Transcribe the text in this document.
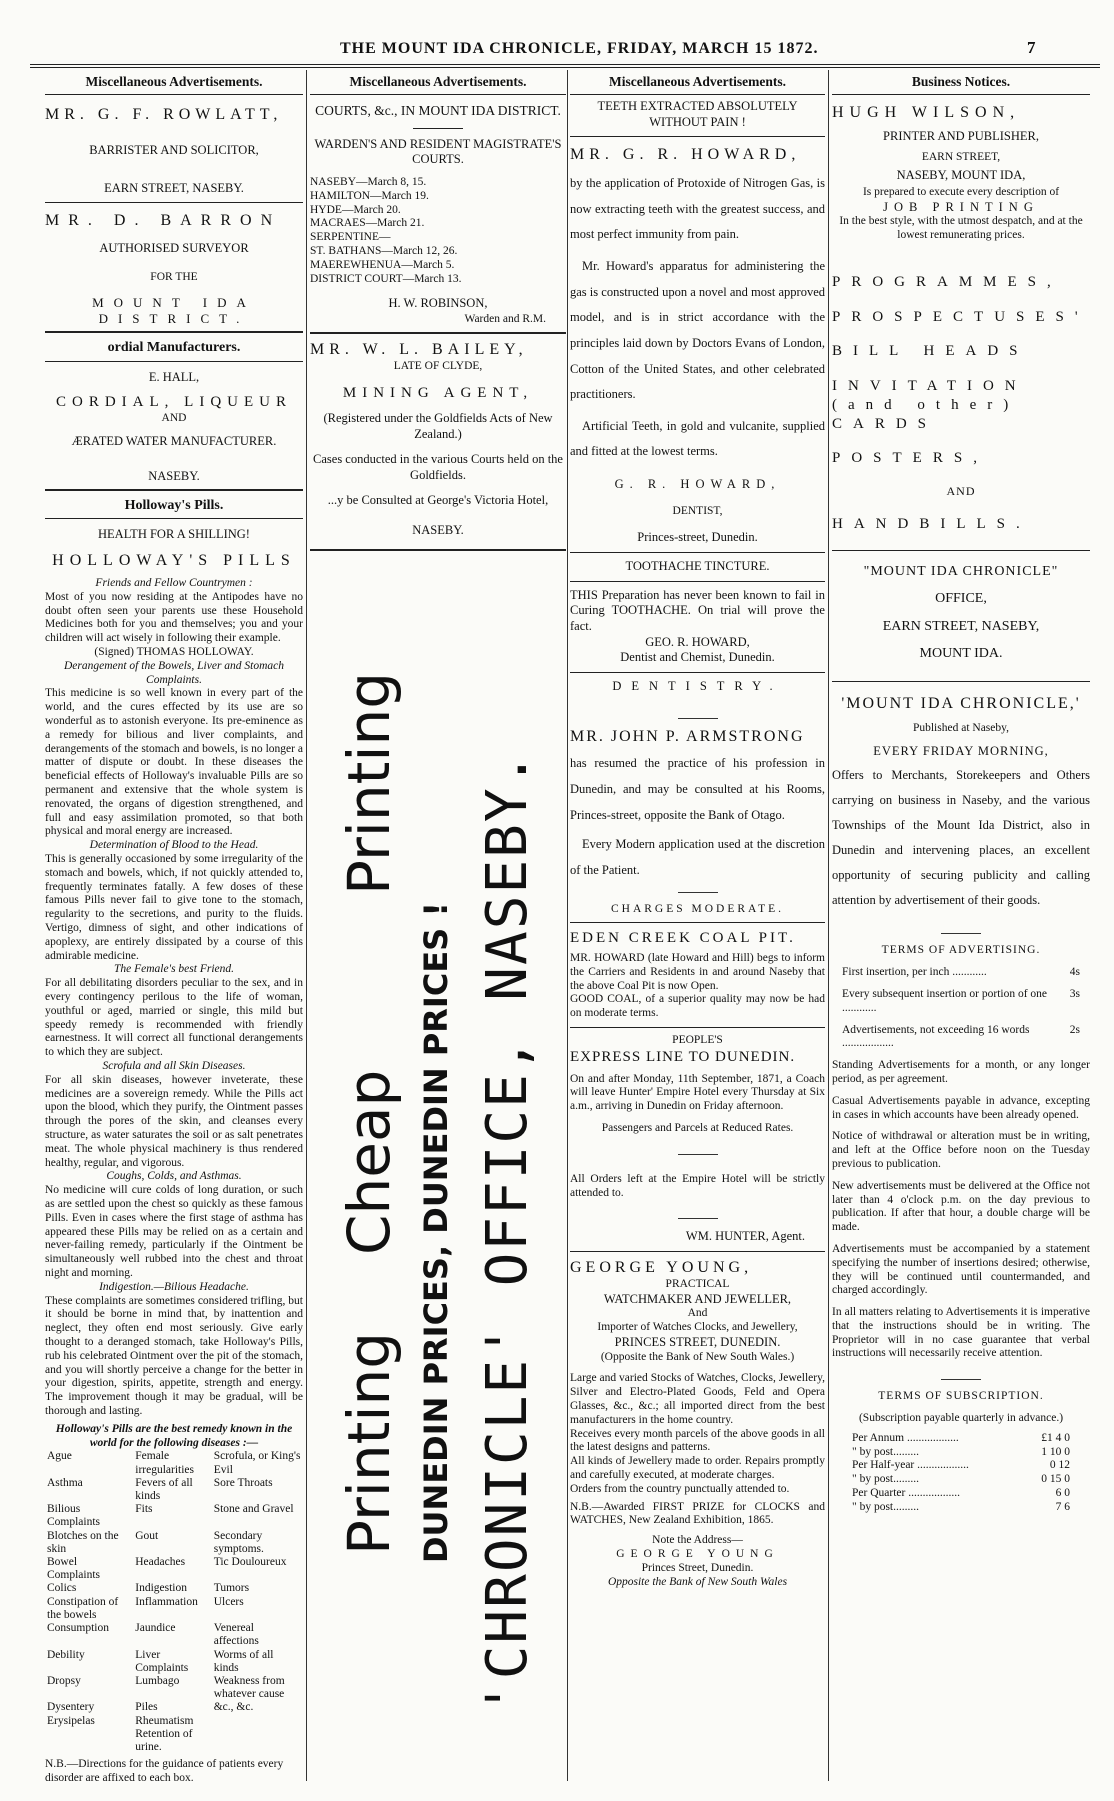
THE MOUNT IDA CHRONICLE, FRIDAY, MARCH 15 1872.	7
Miscellaneous Advertisements.
MR. G. F. ROWLATT,
BARRISTER AND SOLICITOR,
EARN STREET, NASEBY.
MR. D. BARRON
AUTHORISED SURVEYOR
FOR THE
MOUNT IDA DISTRICT.
ordial Manufacturers.
E. HALL,
CORDIAL, LIQUEUR
AND
ÆRATED WATER MANUFACTURER.
NASEBY.
Holloway's Pills.
HEALTH FOR A SHILLING!
HOLLOWAY'S PILLS
Friends and Fellow Countrymen :

Most of you now residing at the Antipodes have no doubt often seen your parents use these Household Medicines both for you and themselves; you and your children will act wisely in following their example.

(Signed) THOMAS HOLLOWAY.
Derangement of the Bowels, Liver and Stomach Complaints.

This medicine is so well known in every part of the world, and the cures effected by its use are so wonderful as to astonish everyone. Its pre-eminence as a remedy for bilious and liver complaints, and derangements of the stomach and bowels, is no longer a matter of dispute or doubt. In these diseases the beneficial effects of Holloway's invaluable Pills are so permanent and extensive that the whole system is renovated, the organs of digestion strengthened, and full and easy assimilation promoted, so that both physical and moral energy are increased.

Determination of Blood to the Head.

This is generally occasioned by some irregularity of the stomach and bowels, which, if not quickly attended to, frequently terminates fatally. A few doses of these famous Pills never fail to give tone to the stomach, regularity to the secretions, and purity to the fluids. Vertigo, dimness of sight, and other indications of apoplexy, are entirely dissipated by a course of this admirable medicine.

The Female's best Friend.

For all debilitating disorders peculiar to the sex, and in every contingency perilous to the life of woman, youthful or aged, married or single, this mild but speedy remedy is recommended with friendly earnestness. It will correct all functional derangements to which they are subject.

Scrofula and all Skin Diseases.

For all skin diseases, however inveterate, these medicines are a sovereign remedy. While the Pills act upon the blood, which they purify, the Ointment passes through the pores of the skin, and cleanses every structure, as water saturates the soil or as salt penetrates meat. The whole physical machinery is thus rendered healthy, regular, and vigorous.

Coughs, Colds, and Asthmas.

No medicine will cure colds of long duration, or such as are settled upon the chest so quickly as these famous Pills. Even in cases where the first stage of asthma has appeared these Pills may be relied on as a certain and never-failing remedy, particularly if the Ointment be simultaneously well rubbed into the chest and throat night and morning.

Indigestion.—Bilious Headache.

These complaints are sometimes considered trifling, but it should be borne in mind that, by inattention and neglect, they often end most seriously. Give early thought to a deranged stomach, take Holloway's Pills, rub his celebrated Ointment over the pit of the stomach, and you will shortly perceive a change for the better in your digestion, spirits, appetite, strength and energy. The improvement though it may be gradual, will be thorough and lasting.

Holloway's Pills are the best remedy known in the world for the following diseases :—
Ague	Female irregularities	Scrofula, or King's Evil
Asthma	Fevers of all kinds	Sore Throats
Bilious Complaints	Fits	Stone and Gravel
Blotches on the skin	Gout	Secondary symptoms.
Bowel Complaints	Headaches	Tic Douloureux
Colics	Indigestion	Tumors
Constipation of the bowels	Inflammation	Ulcers
Consumption	Jaundice	Venereal affections
Debility	Liver Complaints	Worms of all kinds
Dropsy	Lumbago	Weakness from whatever cause
Dysentery	Piles	&c., &c.
Erysipelas	Rheumatism	
	Retention of urine.	

N.B.—Directions for the guidance of patients every disorder are affixed to each box.

Miscellaneous Advertisements.
COURTS, &c., IN MOUNT IDA DISTRICT.
WARDEN'S AND RESIDENT MAGISTRATE'S COURTS.
NASEBY—March 8, 15.
HAMILTON—March 19.
HYDE—March 20.
MACRAES—March 21.
SERPENTINE—
ST. BATHANS—March 12, 26.
MAEREWHENUA—March 5.
DISTRICT COURT—March 13.
H. W. ROBINSON,
Warden and R.M.
MR. W. L. BAILEY,
LATE OF CLYDE,
MINING AGENT,
(Registered under the Goldfields Acts of New Zealand.)
Cases conducted in the various Courts held on the Goldfields.
...y be Consulted at George's Victoria Hotel,
NASEBY.
Printing
Cheap
Printing
DUNEDIN PRICES, DUNEDIN PRICES ! 'CHRONICLE' OFFICE, NASEBY.
Miscellaneous Advertisements.
TEETH EXTRACTED ABSOLUTELY WITHOUT PAIN !
MR. G. R. HOWARD,

by the application of Protoxide of Nitrogen Gas, is now extracting teeth with the greatest success, and most perfect immunity from pain.

Mr. Howard's apparatus for administering the gas is constructed upon a novel and most approved model, and is in strict accordance with the principles laid down by Doctors Evans of London, Cotton of the United States, and other celebrated practitioners.

Artificial Teeth, in gold and vulcanite, supplied and fitted at the lowest terms.

G. R. HOWARD,
DENTIST,
Princes-street, Dunedin.
TOOTHACHE TINCTURE.

THIS Preparation has never been known to fail in Curing TOOTHACHE. On trial will prove the fact.

GEO. R. HOWARD,
Dentist and Chemist, Dunedin.
DENTISTRY.
MR. JOHN P. ARMSTRONG

has resumed the practice of his profession in Dunedin, and may be consulted at his Rooms, Princes-street, opposite the Bank of Otago.

Every Modern application used at the discretion of the Patient.

CHARGES MODERATE.
EDEN CREEK COAL PIT.

MR. HOWARD (late Howard and Hill) begs to inform the Carriers and Residents in and around Naseby that the above Coal Pit is now Open.

GOOD COAL, of a superior quality may now be had on moderate terms.

PEOPLE'S
EXPRESS LINE TO DUNEDIN.

On and after Monday, 11th September, 1871, a Coach will leave Hunter' Empire Hotel every Thursday at Six a.m., arriving in Dunedin on Friday afternoon.

Passengers and Parcels at Reduced Rates.

All Orders left at the Empire Hotel will be strictly attended to.

WM. HUNTER, Agent.
GEORGE YOUNG,
PRACTICAL
WATCHMAKER AND JEWELLER,
And
Importer of Watches Clocks, and Jewellery,
PRINCES STREET, DUNEDIN.
(Opposite the Bank of New South Wales.)

Large and varied Stocks of Watches, Clocks, Jewellery, Silver and Electro-Plated Goods, Feld and Opera Glasses, &c., &c.; all imported direct from the best manufacturers in the home country.

Receives every month parcels of the above goods in all the latest designs and patterns.

All kinds of Jewellery made to order. Repairs promptly and carefully executed, at moderate charges.

Orders from the country punctually attended to.

N.B.—Awarded FIRST PRIZE for CLOCKS and WATCHES, New Zealand Exhibition, 1865.

Note the Address—
GEORGE YOUNG
Princes Street, Dunedin.
Opposite the Bank of New South Wales
Business Notices.
HUGH WILSON,
PRINTER AND PUBLISHER,
EARN STREET,
NASEBY, MOUNT IDA,
Is prepared to execute every description of
JOB PRINTING
In the best style, with the utmost despatch, and at the lowest remunerating prices.
PROGRAMMES,
PROSPECTUSES'
BILL HEADS
INVITATION (and other) CARDS
POSTERS,
AND
HANDBILLS.
"MOUNT IDA CHRONICLE"
OFFICE,
EARN STREET, NASEBY,
MOUNT IDA.
'MOUNT IDA CHRONICLE,'
Published at Naseby,
EVERY FRIDAY MORNING,

Offers to Merchants, Storekeepers and Others carrying on business in Naseby, and the various Townships of the Mount Ida District, also in Dunedin and intervening places, an excellent opportunity of securing publicity and calling attention by advertisement of their goods.

TERMS OF ADVERTISING.
First insertion, per inch ............	4s
Every subsequent insertion or portion of one ............
3s
Advertisements, not exceeding 16 words ..................
2s

Standing Advertisements for a month, or any longer period, as per agreement.

Casual Advertisements payable in advance, excepting in cases in which accounts have been already opened.

Notice of withdrawal or alteration must be in writing, and left at the Office before noon on the Tuesday previous to publication.

New advertisements must be delivered at the Office not later than 4 o'clock p.m. on the day previous to publication. If after that hour, a double charge will be made.

Advertisements must be accompanied by a statement specifying the number of insertions desired; otherwise, they will be continued until countermanded, and charged accordingly.

In all matters relating to Advertisements it is imperative that the instructions should be in writing. The Proprietor will in no case guarantee that verbal instructions will necessarily receive attention.

TERMS OF SUBSCRIPTION.
(Subscription payable quarterly in advance.)
Per Annum ..................	£1 4 0
" by post.........	1 10 0
Per Half-year ..................	0 12
" by post.........	0 15 0
Per Quarter ..................	6 0
" by post.........	7 6
